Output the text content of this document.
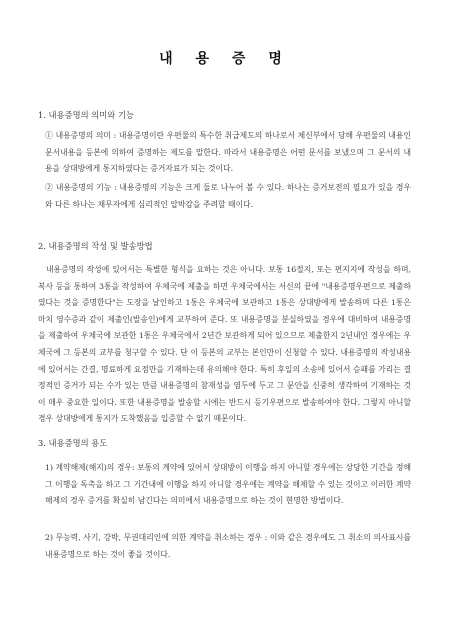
내 용 증 명
1. 내용증명의 의미와 기능

① 내용증명의 의미 : 내용증명이란 우편물의 특수한 취급제도의 하나로서 체신부에서 당해 우편물의 내용인 문서내용을 등본에 의하여 증명하는 제도를 말한다. 따라서 내용증명은 어떤 문서를 보냈으며 그 문서의 내용을 상대방에게 통지하였다는 증거자료가 되는 것이다.

② 내용증명의 기능 : 내용증명의 기능은 크게 둘로 나누어 볼 수 있다. 하나는 증거보전의 필요가 있을 경우와 다른 하나는 채무자에게 심리적인 압박감을 주려할 때이다.

2. 내용증명의 작성 및 발송방법

내용증명의 작성에 있어서는 특별한 형식을 요하는 것은 아니다. 보통 16절지, 또는 편지지에 작성을 하며, 복사 등을 통하여 3통을 작성하여 우체국에 제출을 하면 우체국에서는 서신의 끝에 "내용증명우편으로 제출하였다는 것을 증명한다"는 도장을 날인하고 1통은 우체국에 보관하고 1통은 상대방에게 발송하며 다른 1통은 마치 영수증과 같이 제출인(발송인)에게 교부하여 준다. 또 내용증명을 분실하였을 경우에 대비하여 내용증명을 제출하여 우체국에 보관한 1통은 우체국에서 2년간 보관하게 되어 있으므로 제출한지 2년내인 경우에는 우체국에 그 등본의 교부를 청구할 수 있다. 단 이 등본의 교부는 본인만이 신청할 수 있다. 내용증명의 작성내용에 있어서는 간결, 명료하게 요점만을 기재하는데 유의해야 한다. 특히 후일의 소송에 있어서 승패를 가리는 결정적인 증거가 되는 수가 있는 만큼 내용증명의 참재성을 염두에 두고 그 문안을 신중히 생각하여 기재하는 것이 매우 중요한 일이다. 또한 내용증명을 발송할 시에는 반드시 등기우편으로 발송하여야 한다. 그렇지 아니할 경우 상대방에게 통지가 도착했음을 입증할 수 없기 때문이다.

3. 내용증명의 용도

1) 계약해제(해지)의 경우: 보통의 계약에 있어서 상대방이 이행을 하지 아니할 경우에는 상당한 기간을 정해 그 이행을 독촉을 하고 그 기간내에 이행을 하지 아니할 경우에는 계약을 해제할 수 있는 것이고 이러한 계약해제의 경우 증거를 확실히 남긴다는 의미에서 내용증명으로 하는 것이 현명한 방법이다.

2) 무능력, 사기, 강박, 무권대리인에 의한 계약을 취소하는 경우 : 이와 같은 경우에도 그 취소의 의사표시를 내용증명으로 하는 것이 좋을 것이다.
